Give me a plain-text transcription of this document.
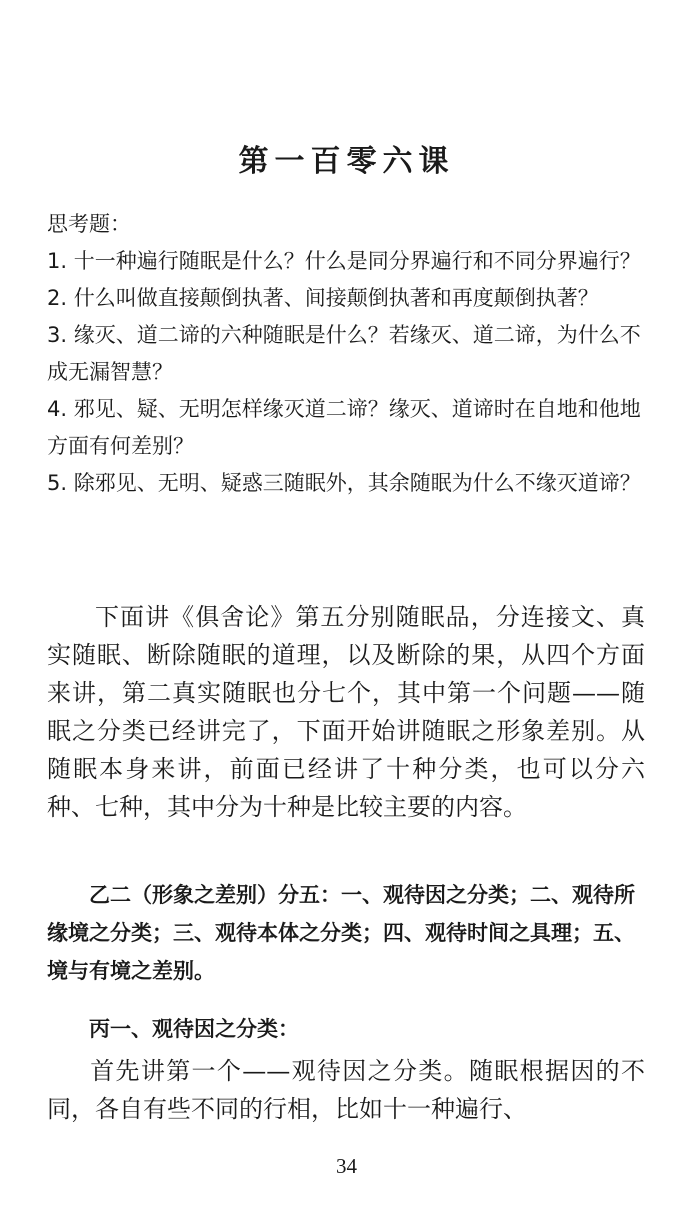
第一百零六课

思考题：

1. 十一种遍行随眠是什么？什么是同分界遍行和不同分界遍行？

2. 什么叫做直接颠倒执著、间接颠倒执著和再度颠倒执著？

3. 缘灭、道二谛的六种随眠是什么？若缘灭、道二谛，为什么不成无漏智慧？

4. 邪见、疑、无明怎样缘灭道二谛？缘灭、道谛时在自地和他地方面有何差别？

5. 除邪见、无明、疑惑三随眠外，其余随眠为什么不缘灭道谛？

下面讲《俱舍论》第五分别随眠品，分连接文、真实随眠、断除随眠的道理，以及断除的果，从四个方面来讲，第二真实随眠也分七个，其中第一个问题——随眠之分类已经讲完了，下面开始讲随眠之形象差别。从随眠本身来讲，前面已经讲了十种分类，也可以分六种、七种，其中分为十种是比较主要的内容。

乙二（形象之差别）分五：一、观待因之分类；二、观待所缘境之分类；三、观待本体之分类；四、观待时间之具理；五、境与有境之差别。

丙一、观待因之分类：

首先讲第一个——观待因之分类。随眠根据因的不同，各自有些不同的行相，比如十一种遍行、

34
